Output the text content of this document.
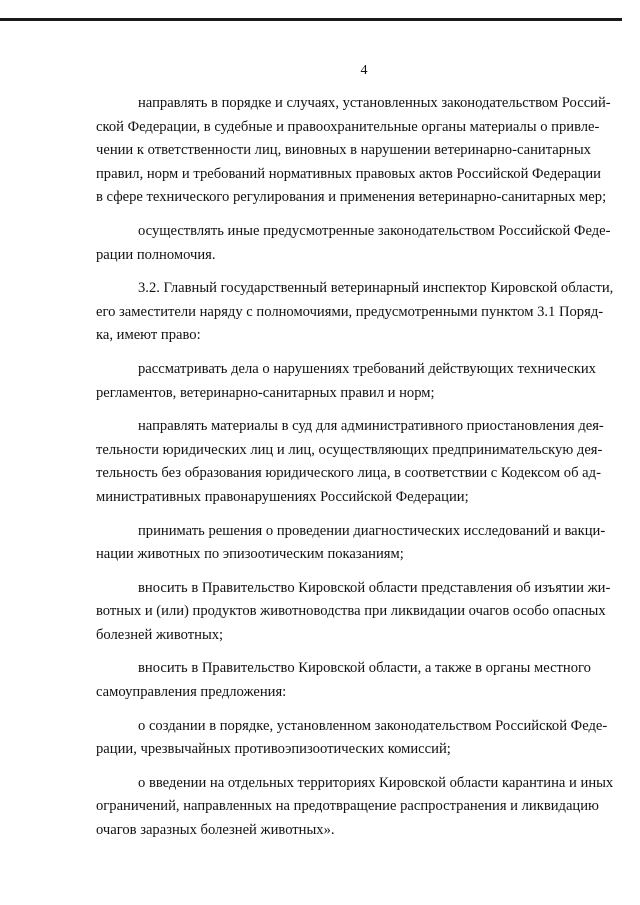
4

направлять в порядке и случаях, установленных законодательством Россий-
ской Федерации, в судебные и правоохранительные органы материалы о привле-
чении к ответственности лиц, виновных в нарушении ветеринарно-санитарных
правил, норм и требований нормативных правовых актов Российской Федерации
в сфере технического регулирования и применения ветеринарно-санитарных мер;

осуществлять иные предусмотренные законодательством Российской Феде-
рации полномочия.

3.2. Главный государственный ветеринарный инспектор Кировской области,
его заместители наряду с полномочиями, предусмотренными пунктом 3.1 Поряд-
ка, имеют право:

рассматривать дела о нарушениях требований действующих технических
регламентов, ветеринарно-санитарных правил и норм;

направлять материалы в суд для административного приостановления дея-
тельности юридических лиц и лиц, осуществляющих предпринимательскую дея-
тельность без образования юридического лица, в соответствии с Кодексом об ад-
министративных правонарушениях Российской Федерации;

принимать решения о проведении диагностических исследований и вакци-
нации животных по эпизоотическим показаниям;

вносить в Правительство Кировской области представления об изъятии жи-
вотных и (или) продуктов животноводства при ликвидации очагов особо опасных
болезней животных;

вносить в Правительство Кировской области, а также в органы местного
самоуправления предложения:

о создании в порядке, установленном законодательством Российской Феде-
рации, чрезвычайных противоэпизоотических комиссий;

о введении на отдельных территориях Кировской области карантина и иных
ограничений, направленных на предотвращение распространения и ликвидацию
очагов заразных болезней животных».
